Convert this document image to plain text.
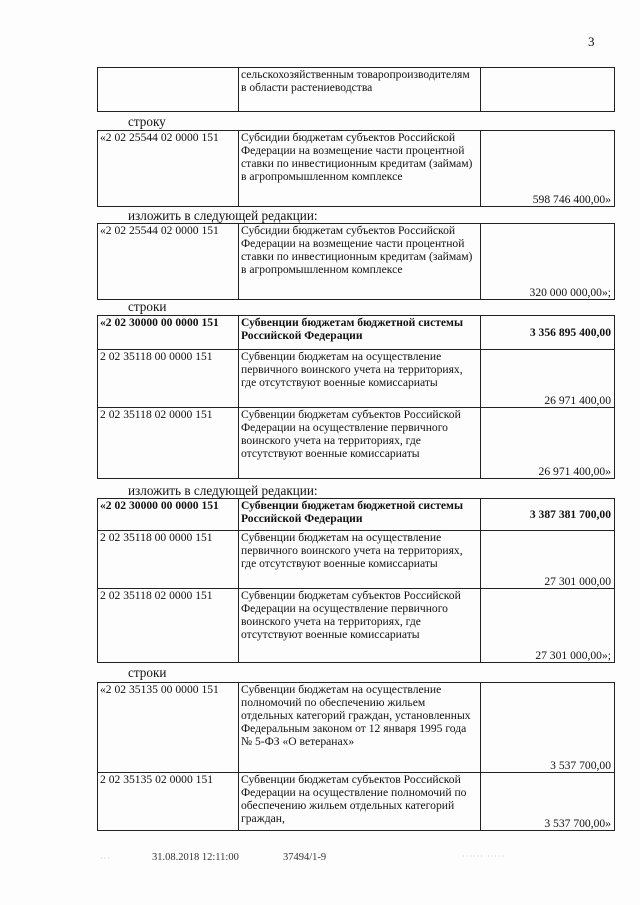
3
	сельскохозяйственным товаропроизводителям в области растениеводства	
строку
«2 02 25544 02 0000 151	Субсидии бюджетам субъектов Российской Федерации на возмещение части процентной ставки по инвестиционным кредитам (займам) в агропромышленном комплексе	598 746 400,00»
изложить в следующей редакции:
«2 02 25544 02 0000 151	Субсидии бюджетам субъектов Российской Федерации на возмещение части процентной ставки по инвестиционным кредитам (займам) в агропромышленном комплексе	320 000 000,00»;
строки
«2 02 30000 00 0000 151	Субвенции бюджетам бюджетной системы Российской Федерации	3 356 895 400,00
2 02 35118 00 0000 151	Субвенции бюджетам на осуществление первичного воинского учета на территориях, где отсутствуют военные комиссариаты	26 971 400,00
2 02 35118 02 0000 151	Субвенции бюджетам субъектов Российской Федерации на осуществление первичного воинского учета на территориях, где отсутствуют военные комиссариаты	26 971 400,00»
изложить в следующей редакции:
«2 02 30000 00 0000 151	Субвенции бюджетам бюджетной системы Российской Федерации	3 387 381 700,00
2 02 35118 00 0000 151	Субвенции бюджетам на осуществление первичного воинского учета на территориях, где отсутствуют военные комиссариаты	27 301 000,00
2 02 35118 02 0000 151	Субвенции бюджетам субъектов Российской Федерации на осуществление первичного воинского учета на территориях, где отсутствуют военные комиссариаты	27 301 000,00»;
строки
«2 02 35135 00 0000 151	Субвенции бюджетам на осуществление полномочий по обеспечению жильем отдельных категорий граждан, установленных Федеральным законом от 12 января 1995 года № 5-ФЗ «О ветеранах»	3 537 700,00
2 02 35135 02 0000 151	Субвенции бюджетам субъектов Российской Федерации на осуществление полномочий по обеспечению жильем отдельных категорий граждан,	3 537 700,00»
31.08.2018 12:11:00	37494/1-9
···	······ ·····
